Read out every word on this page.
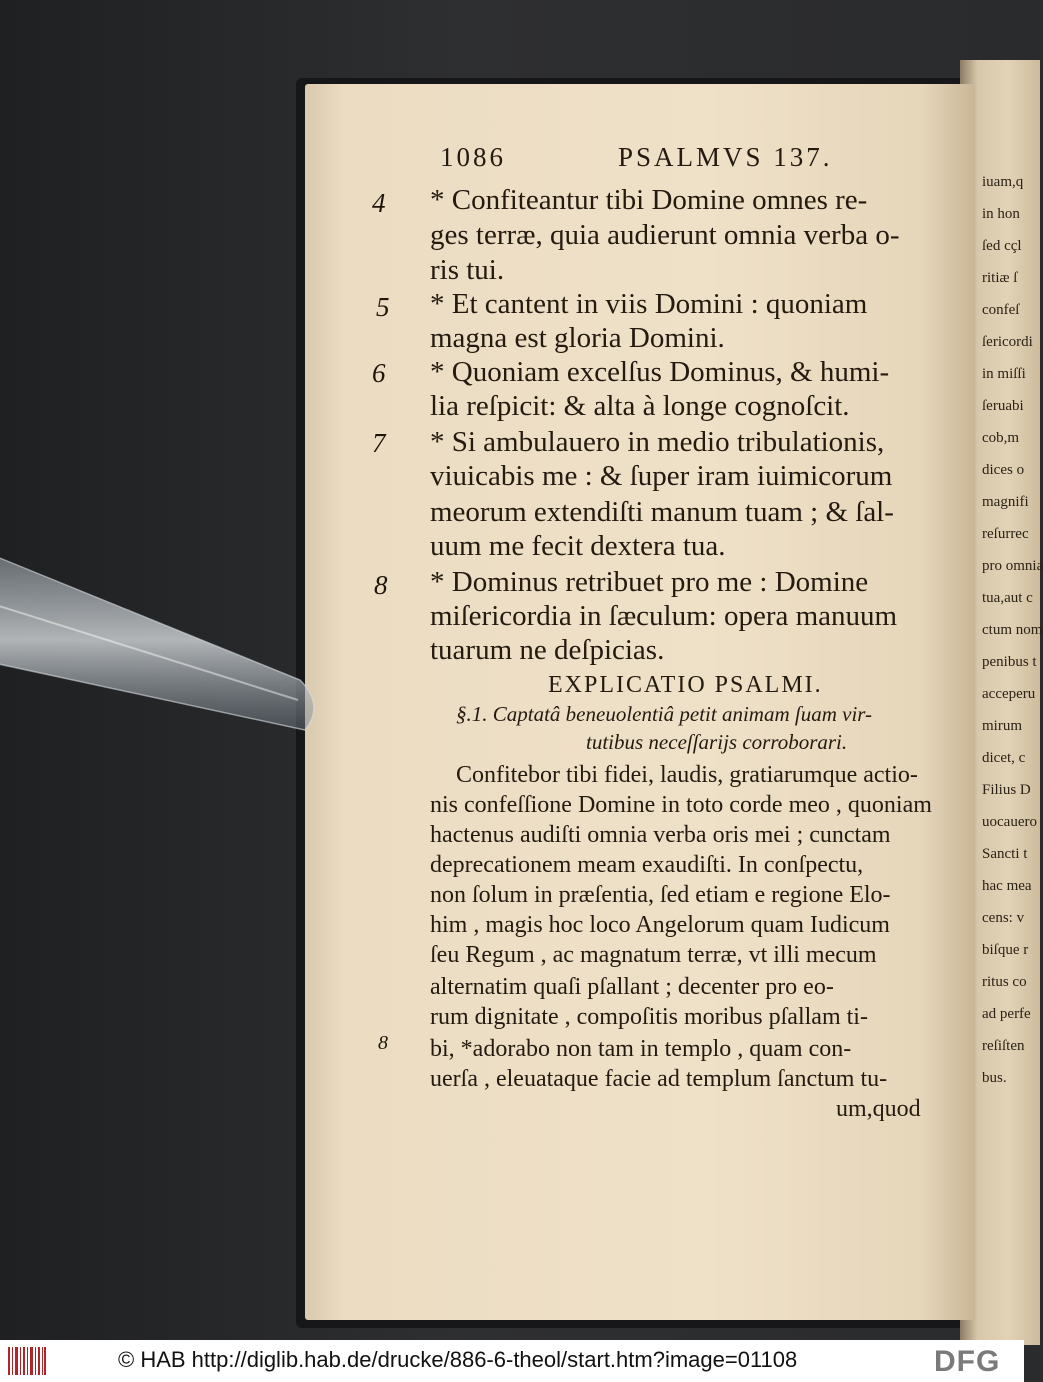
iuam,q
in hon
ſed cçl
ritiæ ſ
confeſ
ſericordi
in miſſi
ſeruabi
cob,m
dices o
magnifi
reſurrec
pro omnia
tua,aut c
ctum nom
penibus t
acceperu
mirum
dicet, c
Filius D
uocauero
Sancti t
hac mea
cens: v
biſque r
ritus co
ad perfe
reſiſten
bus.
1086	PSALMVS 137.
4
5
6
7
8
8
* Confiteantur tibi Domine omnes re-
ges terræ, quia audierunt omnia verba o-
ris tui.
* Et cantent in viis Domini : quoniam
magna est gloria Domini.
* Quoniam excelſus Dominus, & humi-
lia reſpicit: & alta à longe cognoſcit.
* Si ambulauero in medio tribulationis,
viuicabis me : & ſuper iram iuimicorum
meorum extendiſti manum tuam ; & ſal-
uum me fecit dextera tua.
* Dominus retribuet pro me : Domine
miſericordia in ſæculum: opera manuum
tuarum ne deſpicias.
EXPLICATIO PSALMI.
§.1. Captatâ beneuolentiâ petit animam ſuam vir-
tutibus neceſſarijs corroborari.
Confitebor tibi fidei, laudis, gratiarumque actio-
nis confeſſione Domine in toto corde meo , quoniam
hactenus audiſti omnia verba oris mei ; cunctam
deprecationem meam exaudiſti. In conſpectu,
non ſolum in præſentia, ſed etiam e regione Elo-
him , magis hoc loco Angelorum quam Iudicum
ſeu Regum , ac magnatum terræ, vt illi mecum
alternatim quaſi pſallant ; decenter pro eo-
rum dignitate , compoſitis moribus pſallam ti-
bi, *adorabo non tam in templo , quam con-
uerſa , eleuataque facie ad templum ſanctum tu-
um,quod
© HAB http://diglib.hab.de/drucke/886-6-theol/start.htm?image=01108	DFG
